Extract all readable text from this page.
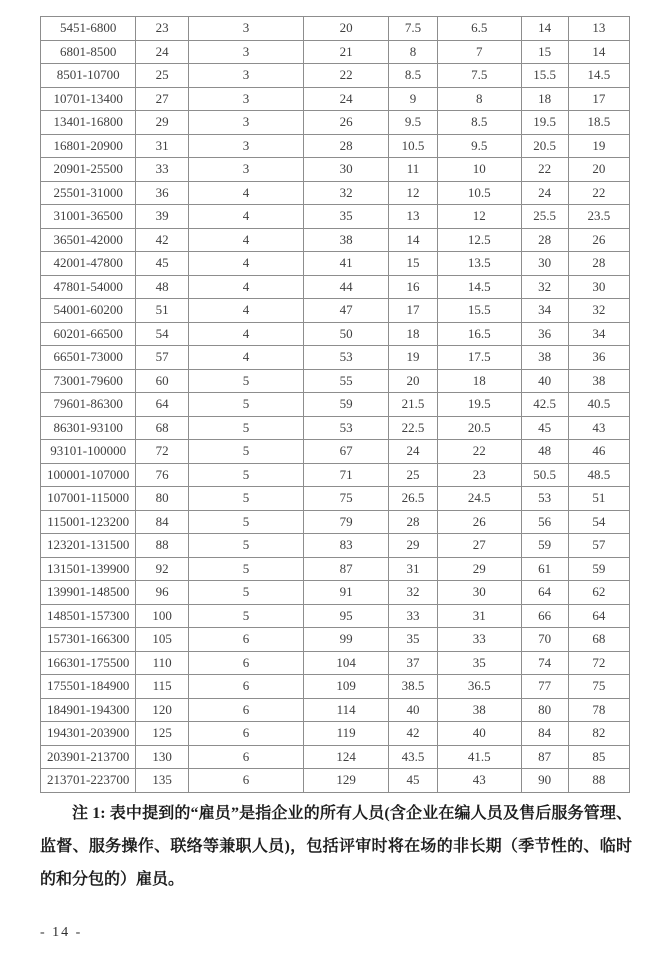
5451-6800	23	3	20	7.5	6.5	14	13
6801-8500	24	3	21	8	7	15	14
8501-10700	25	3	22	8.5	7.5	15.5	14.5
10701-13400	27	3	24	9	8	18	17
13401-16800	29	3	26	9.5	8.5	19.5	18.5
16801-20900	31	3	28	10.5	9.5	20.5	19
20901-25500	33	3	30	11	10	22	20
25501-31000	36	4	32	12	10.5	24	22
31001-36500	39	4	35	13	12	25.5	23.5
36501-42000	42	4	38	14	12.5	28	26
42001-47800	45	4	41	15	13.5	30	28
47801-54000	48	4	44	16	14.5	32	30
54001-60200	51	4	47	17	15.5	34	32
60201-66500	54	4	50	18	16.5	36	34
66501-73000	57	4	53	19	17.5	38	36
73001-79600	60	5	55	20	18	40	38
79601-86300	64	5	59	21.5	19.5	42.5	40.5
86301-93100	68	5	53	22.5	20.5	45	43
93101-100000	72	5	67	24	22	48	46
100001-107000	76	5	71	25	23	50.5	48.5
107001-115000	80	5	75	26.5	24.5	53	51
115001-123200	84	5	79	28	26	56	54
123201-131500	88	5	83	29	27	59	57
131501-139900	92	5	87	31	29	61	59
139901-148500	96	5	91	32	30	64	62
148501-157300	100	5	95	33	31	66	64
157301-166300	105	6	99	35	33	70	68
166301-175500	110	6	104	37	35	74	72
175501-184900	115	6	109	38.5	36.5	77	75
184901-194300	120	6	114	40	38	80	78
194301-203900	125	6	119	42	40	84	82
203901-213700	130	6	124	43.5	41.5	87	85
213701-223700	135	6	129	45	43	90	88

注 1: 表中提到的“雇员”是指企业的所有人员(含企业在编人员及售后服务管理、监督、服务操作、联络等兼职人员)，包括评审时将在场的非长期（季节性的、临时的和分包的）雇员。

- 14 -
